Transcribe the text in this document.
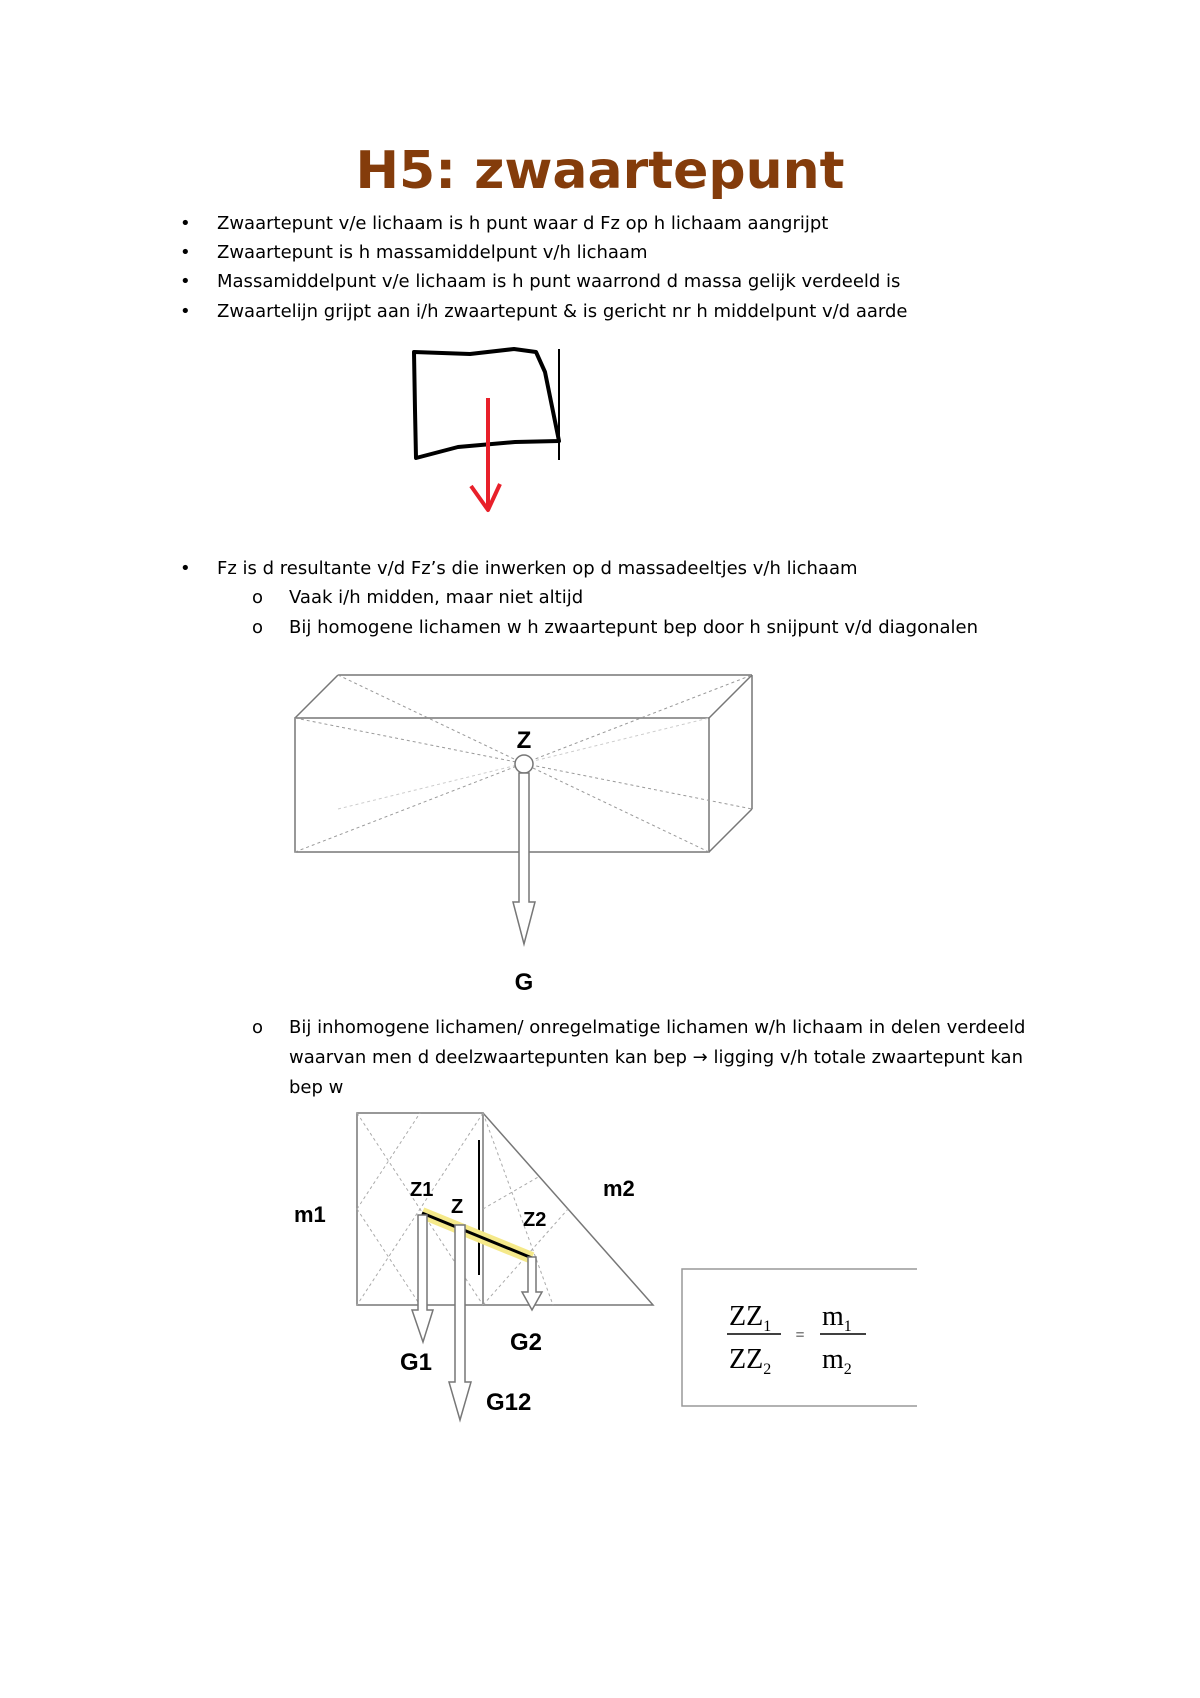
H5: zwaartepunt
•	Zwaartepunt v/e lichaam is h punt waar d Fz op h lichaam aangrijpt
•	Zwaartepunt is h massamiddelpunt v/h lichaam
•	Massamiddelpunt v/e lichaam is h punt waarrond d massa gelijk verdeeld is
•	Zwaartelijn grijpt aan i/h zwaartepunt & is gericht nr h middelpunt v/d aarde
•	Fz is d resultante v/d Fz’s die inwerken op d massadeeltjes v/h lichaam
o Vaak i/h midden, maar niet altijd
o Bij homogene lichamen w h zwaartepunt bep door h snijpunt v/d diagonalen
o Bij inhomogene lichamen/ onregelmatige lichamen w/h lichaam in delen verdeeld
waarvan men d deelzwaartepunten kan bep → ligging v/h totale zwaartepunt kan
bep w
Z
G
m1
m2
Z1
Z
Z2
G1
G2
G12
$ZZ_1$
$ZZ_2$
=
$m_1$
$m_2$
